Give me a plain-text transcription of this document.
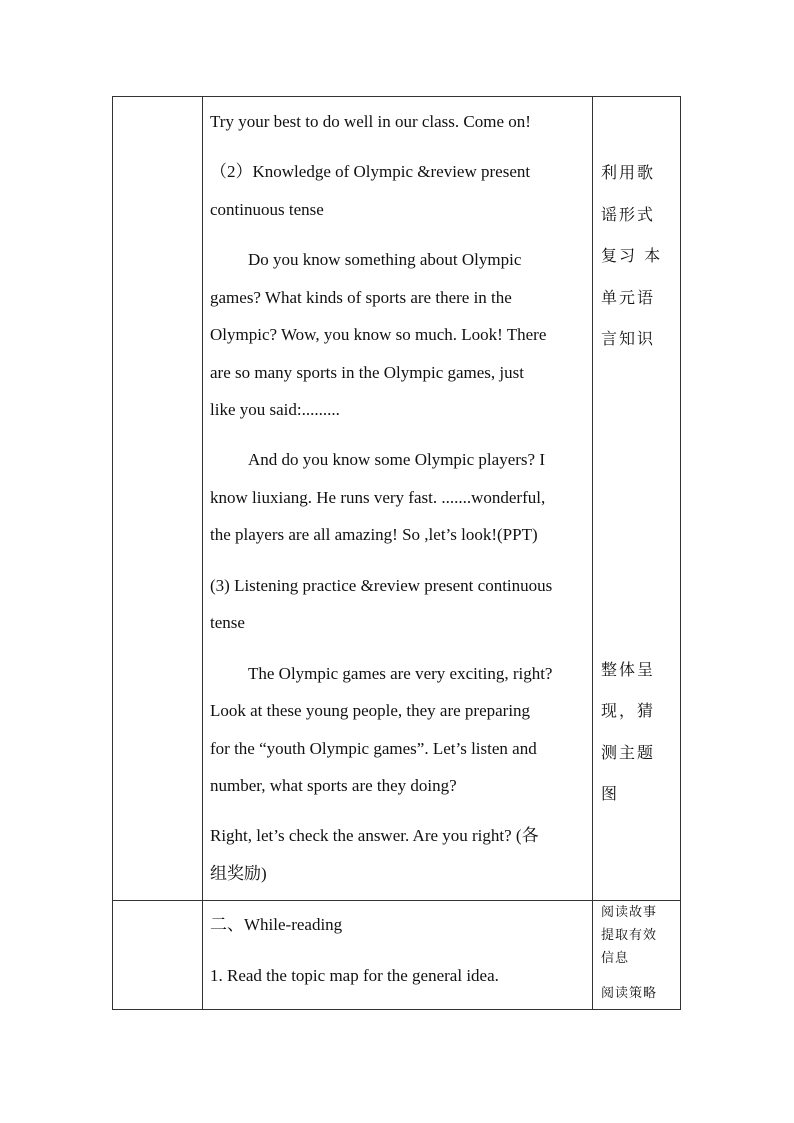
Try your best to do well in our class. Come on!

（2）Knowledge of Olympic &review present

continuous tense

Do you know something about Olympic

games? What kinds of sports are there in the

Olympic? Wow, you know so much. Look! There

are so many sports in the Olympic games, just

like you said:.........

And do you know some Olympic players? I

know liuxiang. He runs very fast. .......wonderful,

the players are all amazing! So ,let’s look!(PPT)

(3) Listening practice &review present continuous

tense

The Olympic games are very exciting, right?

Look at these young people, they are preparing

for the “youth Olympic games”. Let’s listen and

number, what sports are they doing?

Right, let’s check the answer. Are you right? (各

组奖励)

利用歌

谣形式

复习 本

单元语

言知识

整体呈

现，猜

测主题

图

二、While-reading

1. Read the topic map for the general idea.

阅读故事

提取有效

信息

阅读策略
